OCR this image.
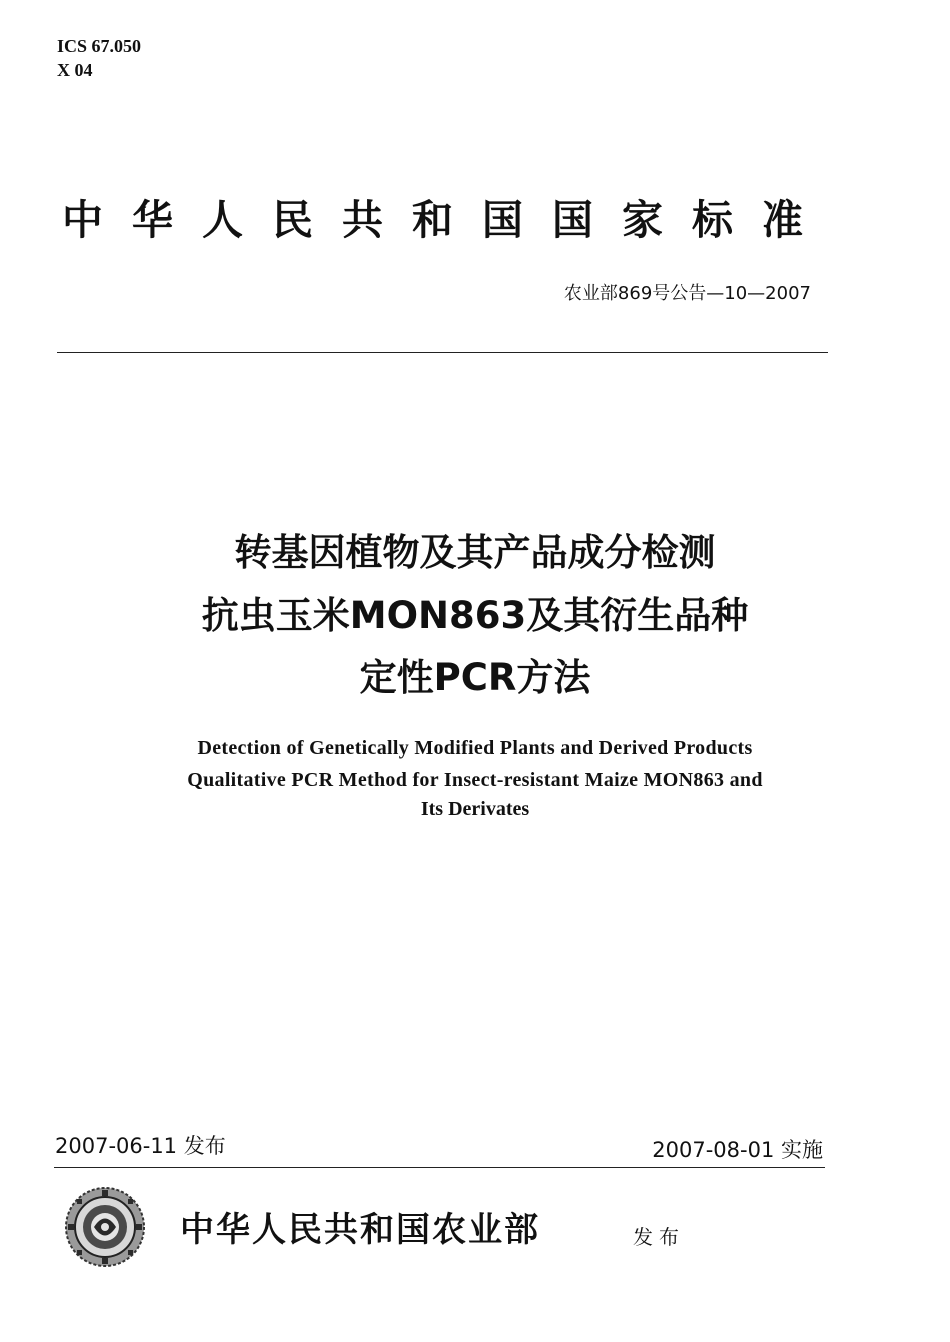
ICS 67.050
X 04
中华人民共和国国家标准
农业部869号公告—10—2007
转基因植物及其产品成分检测
抗虫玉米MON863及其衍生品种
定性PCR方法
Detection of Genetically Modified Plants and Derived Products
Qualitative PCR Method for Insect-resistant Maize MON863 and
Its Derivates
2007-06-11 发布	2007-08-01 实施
中华人民共和国农业部	发布
